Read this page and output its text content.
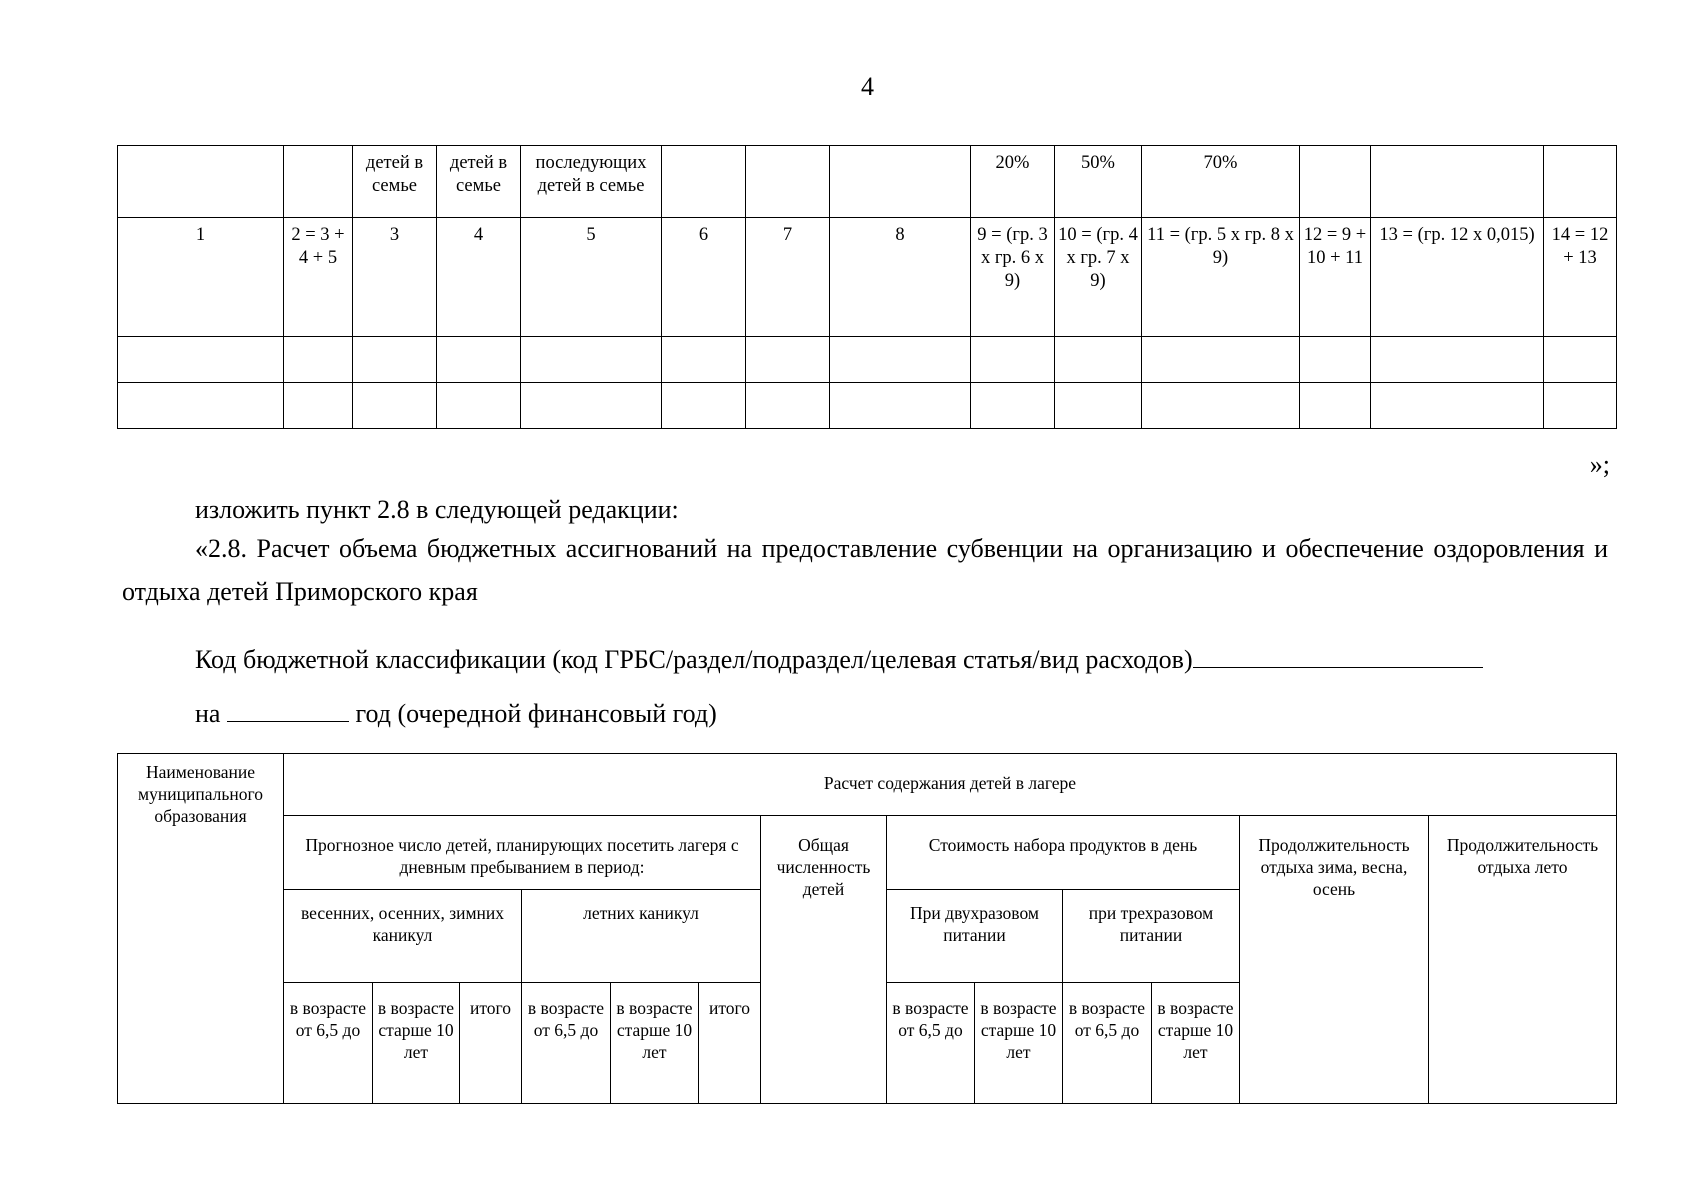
4
		детей в семье	детей в семье	последующих детей в семье				20%	50%	70%			
1	2 = 3 + 4 + 5	3	4	5	6	7	8	9 = (гр. 3 х гр. 6 х 9)	10 = (гр. 4 х гр. 7 х 9)	11 = (гр. 5 х гр. 8 х 9)	12 = 9 + 10 + 11	13 = (гр. 12 х 0,015)	14 = 12 + 13

»;
изложить пункт 2.8 в следующей редакции:
«2.8. Расчет объема бюджетных ассигнований на предоставление субвенции на организацию и обеспечение оздоровления и отдыха детей Приморского края
Код бюджетной классификации (код ГРБС/раздел/подраздел/целевая статья/вид расходов)
на	год (очередной финансовый год)
Наименование муниципального образования	Расчет содержания детей в лагере												
	Прогнозное число детей, планирующих посетить лагеря с дневным пребыванием в период:						Общая численность детей	Стоимость набора продуктов в день				Продолжительность отдыха зима, весна, осень	Продолжительность отдыха лето
	весенних, осенних, зимних каникул			летних каникул				При двухразовом питании		при трехразовом питании			

	в возрасте от 6,5 до	в возрасте старше 10 лет	итого	в возрасте от 6,5 до	в возрасте старше 10 лет	итого		в возрасте от 6,5 до	в возрасте старше 10 лет	в возрасте от 6,5 до	в возрасте старше 10 лет		
